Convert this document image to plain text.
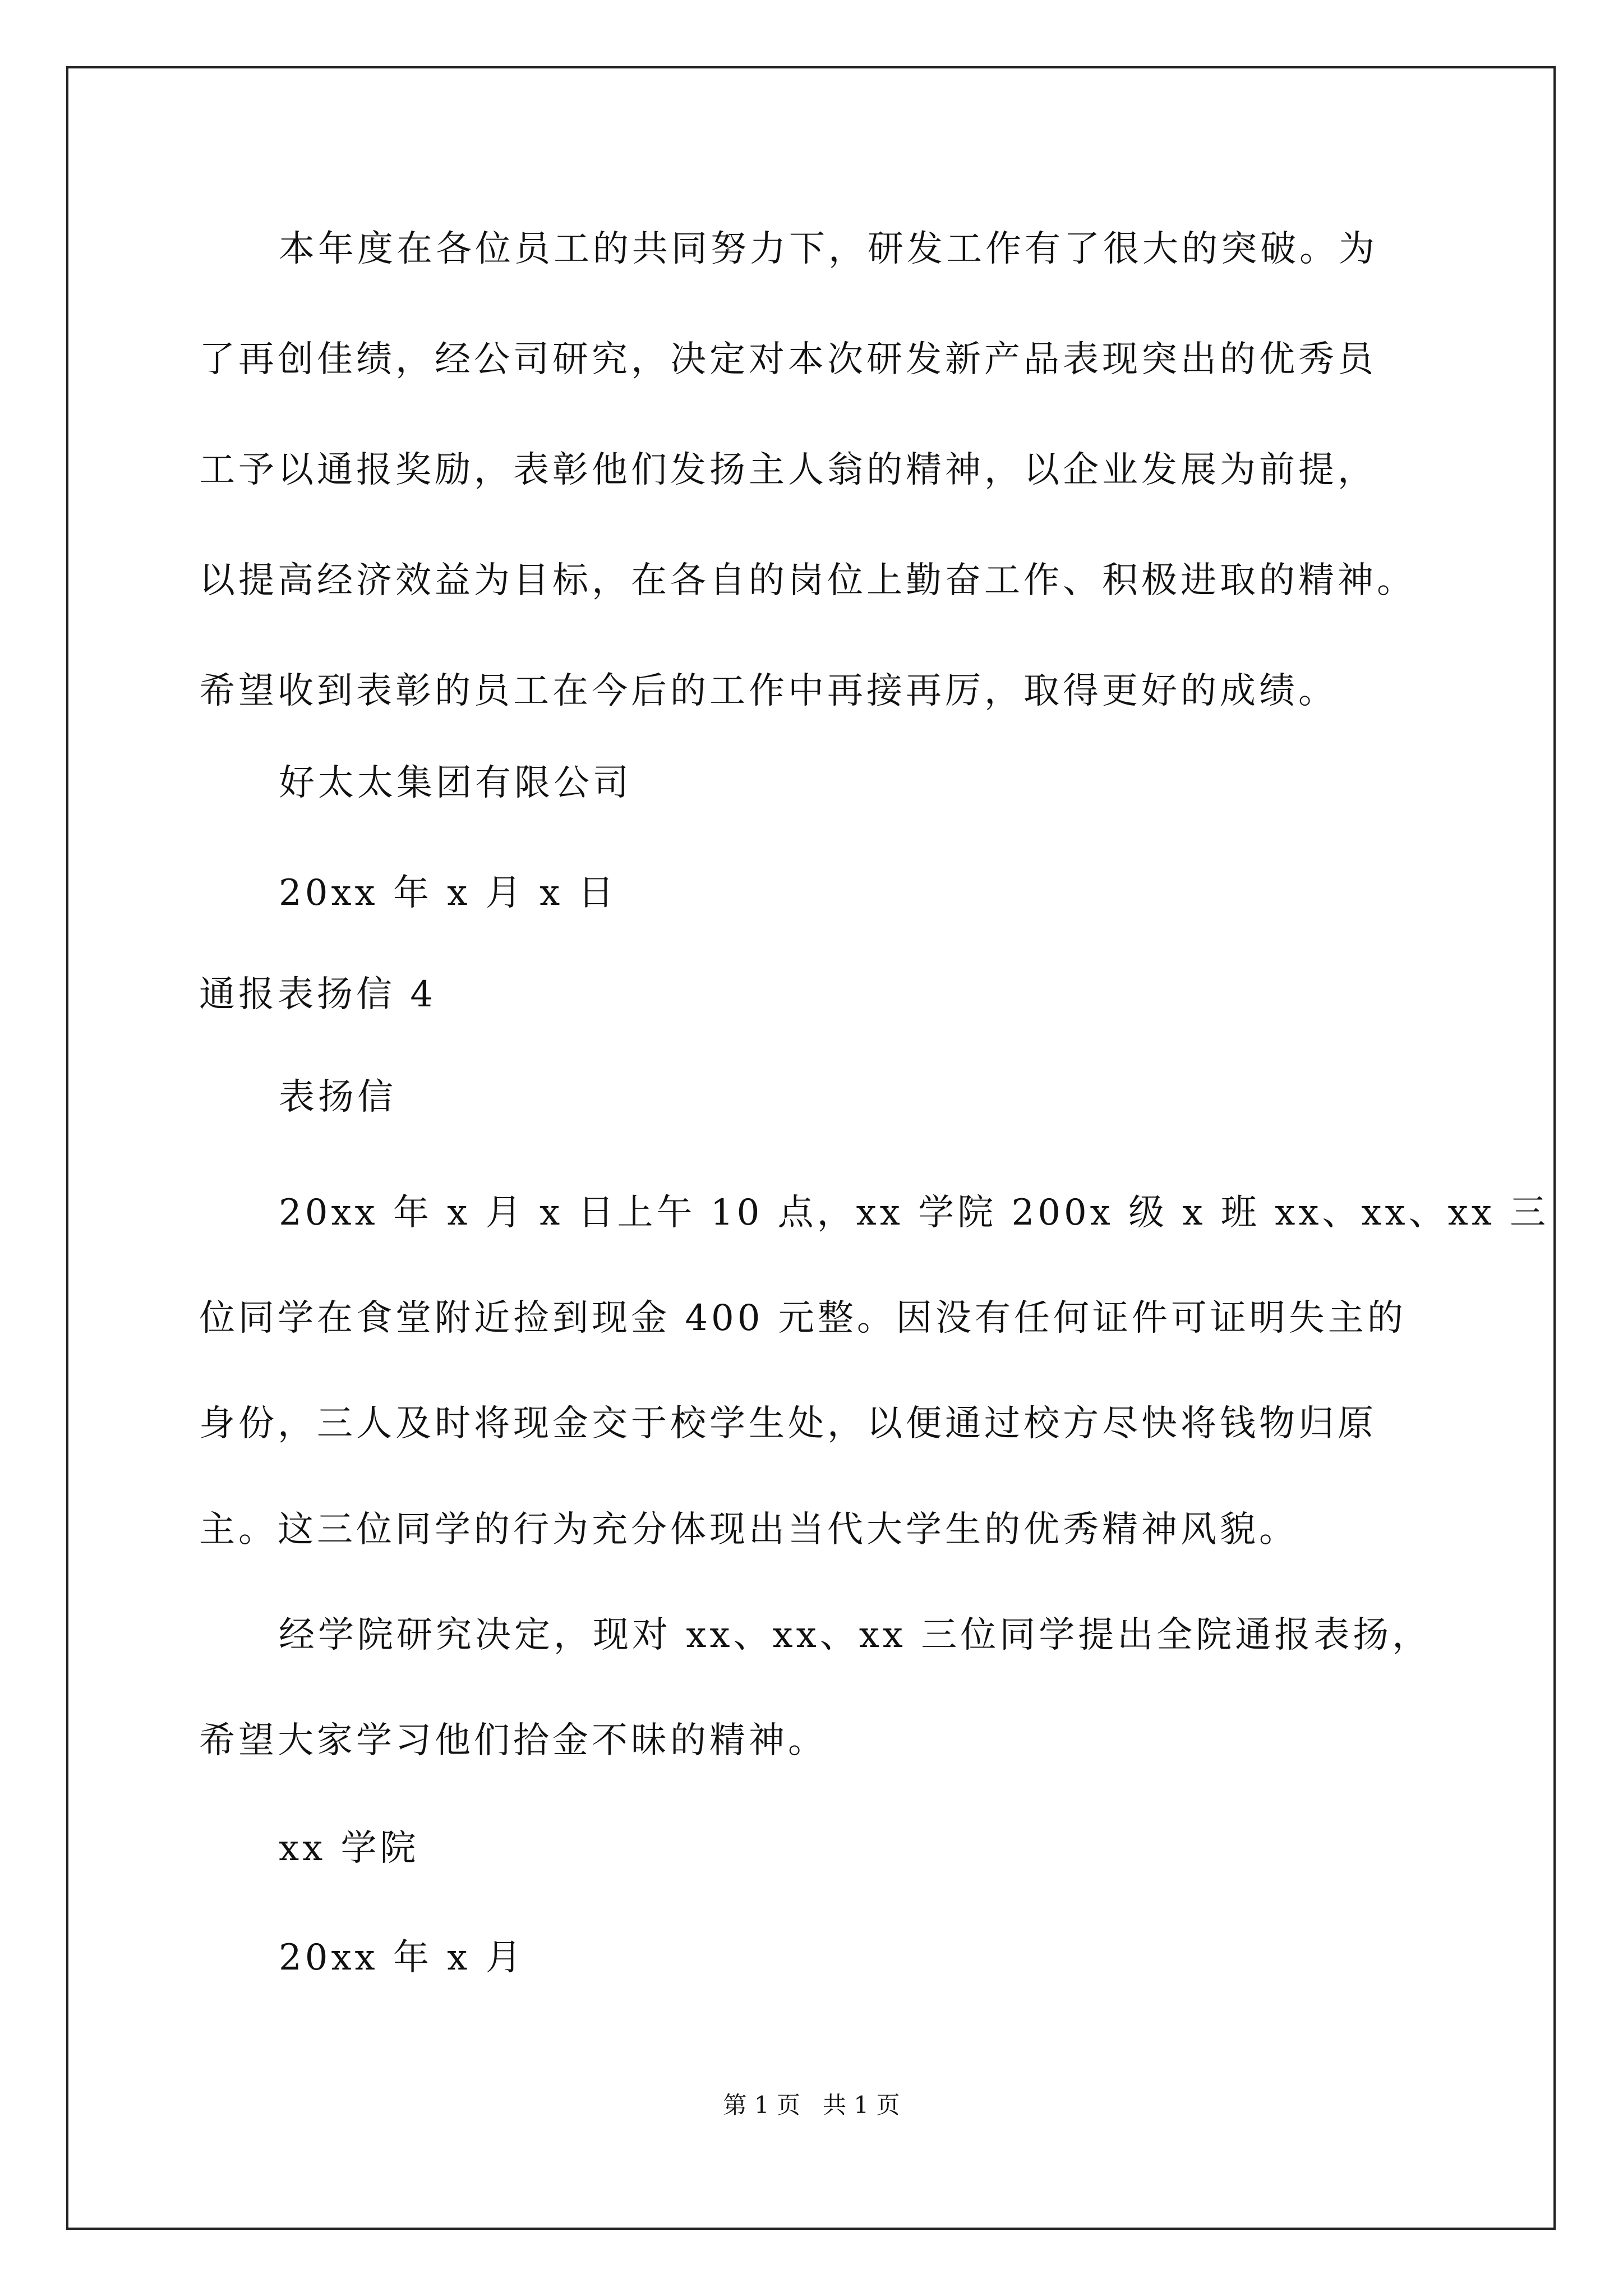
本年度在各位员工的共同努力下，研发工作有了很大的突破。为
了再创佳绩，经公司研究，决定对本次研发新产品表现突出的优秀员
工予以通报奖励，表彰他们发扬主人翁的精神，以企业发展为前提，
以提高经济效益为目标，在各自的岗位上勤奋工作、积极进取的精神。
希望收到表彰的员工在今后的工作中再接再厉，取得更好的成绩。
好太太集团有限公司
20xx 年 x 月 x 日
通报表扬信 4
表扬信
20xx 年 x 月 x 日上午 10 点，xx 学院 200x 级 x 班 xx、xx、xx 三
位同学在食堂附近捡到现金 400 元整。因没有任何证件可证明失主的
身份，三人及时将现金交于校学生处，以便通过校方尽快将钱物归原
主。这三位同学的行为充分体现出当代大学生的优秀精神风貌。
经学院研究决定，现对 xx、xx、xx 三位同学提出全院通报表扬，
希望大家学习他们拾金不昧的精神。
xx 学院
20xx 年 x 月
第 1 页   共 1 页
